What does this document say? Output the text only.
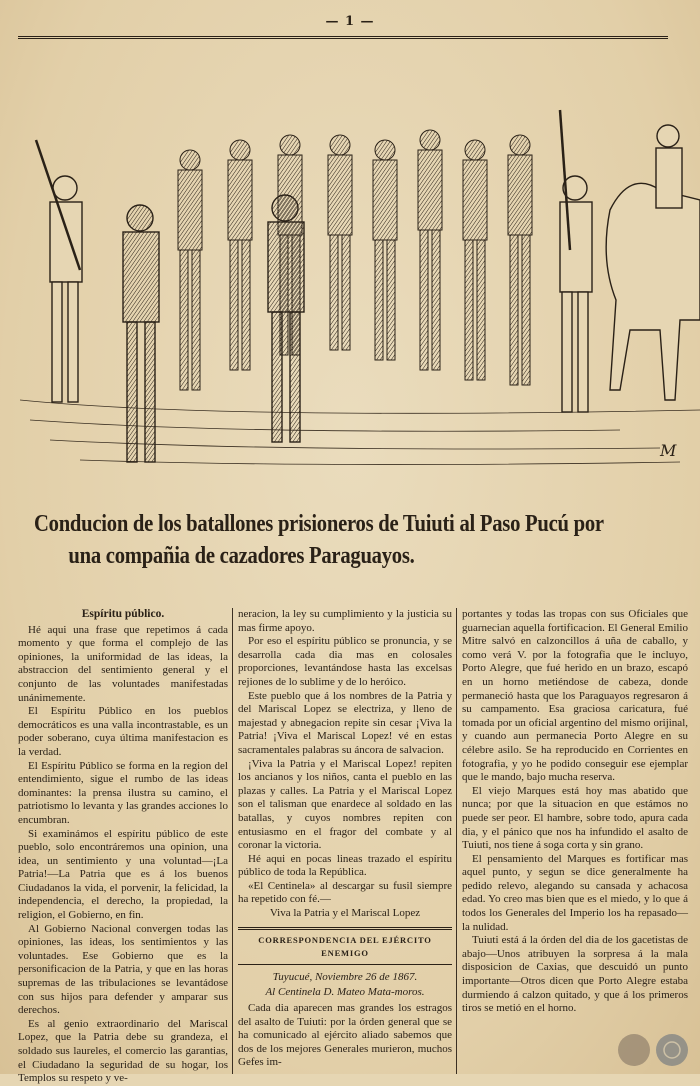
— 1 —
M
Conducion de los batallones prisioneros de Tuiuti al Paso Pucú por
una compañia de cazadores Paraguayos.
Espíritu público.

Hé aqui una frase que repetimos á cada momento y que forma el complejo de las opiniones, la uniformidad de las ideas, la abstraccion del sentimiento general y el conjunto de las voluntades manifestadas unánimemente.

El Espíritu Público en los pueblos democráticos es una valla incontrastable, es un poder soberano, cuya última manifestacion es la verdad.

El Espíritu Público se forma en la region del entendimiento, sigue el rumbo de las ideas dominantes: la prensa ilustra su camino, el patriotismo lo levanta y las grandes acciones lo encumbran.

Si examinámos el espíritu público de este pueblo, solo encontráremos una opinion, una idea, un sentimiento y una voluntad—¡La Patria!—La Patria que es á los buenos Ciudadanos la vida, el porvenir, la felicidad, la independencia, el derecho, la propiedad, la religion, el Gobierno, en fin.

Al Gobierno Nacional convergen todas las opiniones, las ideas, los sentimientos y las voluntades. Ese Gobierno que es la personificacion de la Patria, y que en las horas supremas de las tribulaciones se levantádose con sus hijos para defender y amparar sus derechos.

Es al genio extraordinario del Mariscal Lopez, que la Patria debe su grandeza, el soldado sus laureles, el comercio las garantias, el Ciudadano la seguridad de su hogar, los Templos su respeto y ve-

neracion, la ley su cumplimiento y la justicia su mas firme apoyo.

Por eso el espíritu público se pronuncia, y se desarrolla cada dia mas en colosales proporciones, levantándose hasta las excelsas rejiones de lo sublime y de lo heróico.

Este pueblo que á los nombres de la Patria y del Mariscal Lopez se electriza, y lleno de majestad y abnegacion repite sin cesar ¡Viva la Patria! ¡Viva el Mariscal Lopez! vé en estas sacramentales palabras su áncora de salvacion.

¡Viva la Patria y el Mariscal Lopez! repiten los ancianos y los niños, canta el pueblo en las plazas y calles. La Patria y el Mariscal Lopez son el talisman que enardece al soldado en las batallas, y cuyos nombres repiten con entusiasmo en el fragor del combate y al coronar la victoria.

Hé aqui en pocas lineas trazado el espíritu público de toda la República.

«El Centinela» al descargar su fusil siempre ha repetido con fé.—

Viva la Patria y el Mariscal Lopez

CORRESPONDENCIA DEL EJÉRCITO ENEMIGO
Tuyucué, Noviembre 26 de 1867.
Al Centinela D. Mateo Mata-moros.

Cada dia aparecen mas grandes los estragos del asalto de Tuiuti: por la órden general que se ha comunicado al ejército aliado sabemos que dos de los mejores Generales murieron, muchos Gefes im-

portantes y todas las tropas con sus Oficiales que guarnecian aquella fortificacion. El General Emilio Mitre salvó en calzoncillos á uña de caballo, y como verá V. por la fotografia que le incluyo, Porto Alegre, que fué herido en un brazo, escapó en un horno metiéndose de cabeza, donde permaneció hasta que los Paraguayos regresaron á su campamento. Esa graciosa caricatura, fué tomada por un oficial argentino del mismo orijinal, y cuando aun permanecia Porto Alegre en su célebre asilo. Se ha reproducido en Corrientes en fotografia, y yo he podido conseguir ese ejemplar que le mando, bajo mucha reserva.

El viejo Marques está hoy mas abatido que nunca; por que la situacion en que estámos no puede ser peor. El hambre, sobre todo, apura cada dia, y el pánico que nos ha infundido el asalto de Tuiuti, nos tiene á soga corta y sin grano.

El pensamiento del Marques es fortificar mas aquel punto, y segun se dice generalmente ha pedido relevo, alegando su cansada y achacosa edad. Yo creo mas bien que es el miedo, y lo que á todos los Generales del Imperio los ha repasado—la nulidad.

Tuiuti está á la órden del dia de los gacetistas de abajo—Unos atribuyen la sorpresa á la mala disposicion de Caxias, que descuidó un punto importante—Otros dicen que Porto Alegre estaba durmiendo á calzon quitado, y que á los primeros tiros se metió en el horno.
